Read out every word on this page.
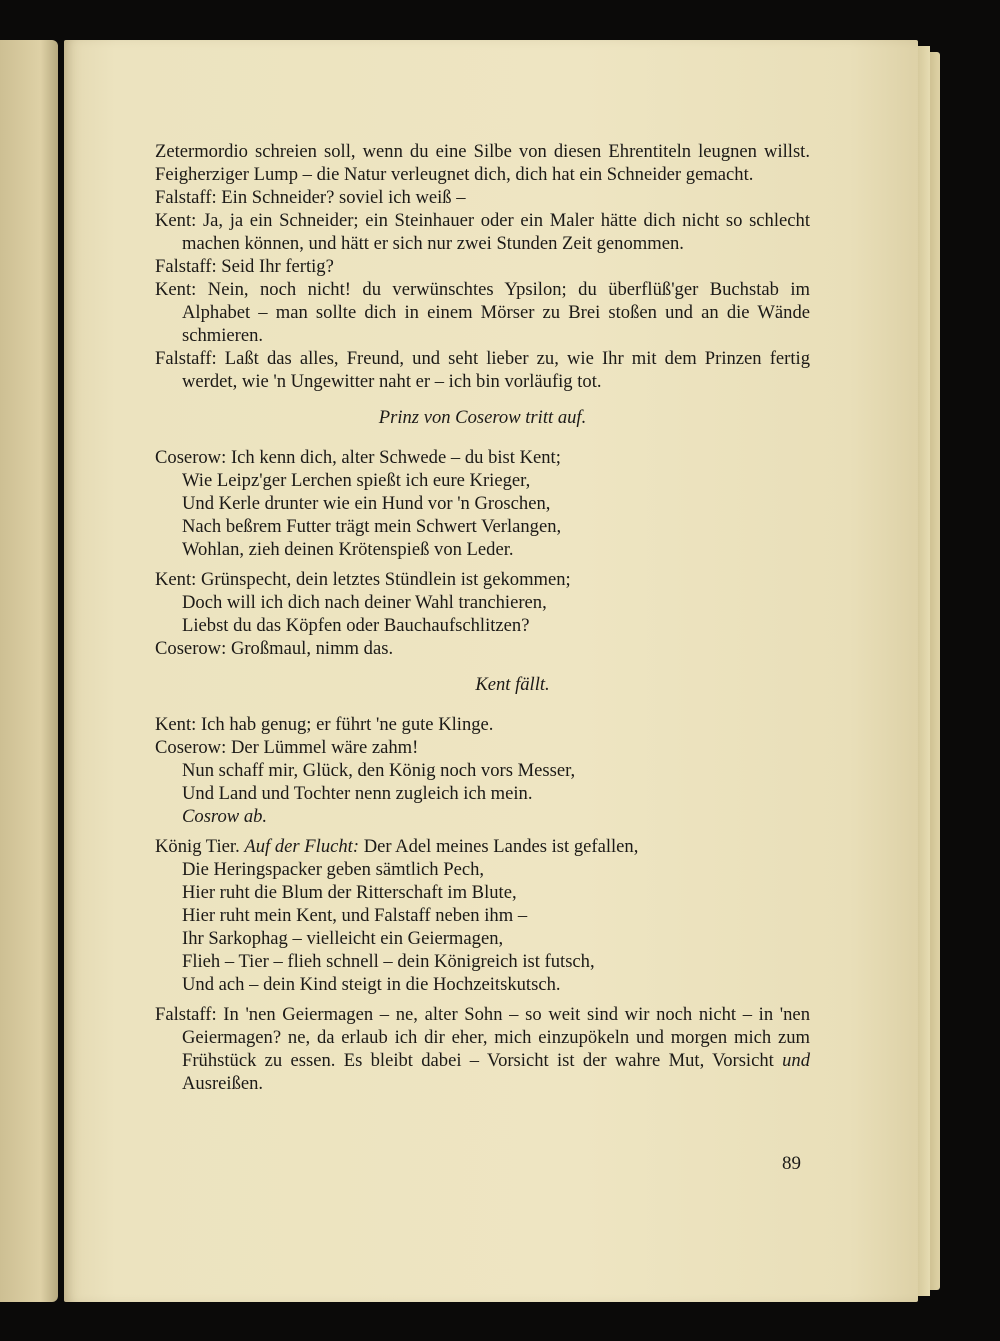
Zetermordio schreien soll, wenn du eine Silbe von diesen Ehrentiteln leugnen willst. Feigherziger Lump – die Natur verleugnet dich, dich hat ein Schneider gemacht.

Falstaff: Ein Schneider? soviel ich weiß –

Kent: Ja, ja ein Schneider; ein Steinhauer oder ein Maler hätte dich nicht so schlecht machen können, und hätt er sich nur zwei Stunden Zeit genommen.

Falstaff: Seid Ihr fertig?

Kent: Nein, noch nicht! du verwünschtes Ypsilon; du überflüß'ger Buchstab im Alphabet – man sollte dich in einem Mörser zu Brei stoßen und an die Wände schmieren.

Falstaff: Laßt das alles, Freund, und seht lieber zu, wie Ihr mit dem Prinzen fertig werdet, wie 'n Ungewitter naht er – ich bin vorläufig tot.

Prinz von Coserow tritt auf.

Coserow: Ich kenn dich, alter Schwede – du bist Kent;
Wie Leipz'ger Lerchen spießt ich eure Krieger,
Und Kerle drunter wie ein Hund vor 'n Groschen,
Nach beßrem Futter trägt mein Schwert Verlangen,
Wohlan, zieh deinen Krötenspieß von Leder.
Kent: Grünspecht, dein letztes Stündlein ist gekommen;
Doch will ich dich nach deiner Wahl tranchieren,
Liebst du das Köpfen oder Bauchaufschlitzen?
Coserow: Großmaul, nimm das.

Kent fällt.

Kent: Ich hab genug; er führt 'ne gute Klinge.
Coserow: Der Lümmel wäre zahm!
Nun schaff mir, Glück, den König noch vors Messer,
Und Land und Tochter nenn zugleich ich mein.
Cosrow ab.
König Tier. Auf der Flucht: Der Adel meines Landes ist gefallen,
Die Heringspacker geben sämtlich Pech,
Hier ruht die Blum der Ritterschaft im Blute,
Hier ruht mein Kent, und Falstaff neben ihm –
Ihr Sarkophag – vielleicht ein Geiermagen,
Flieh – Tier – flieh schnell – dein Königreich ist futsch,
Und ach – dein Kind steigt in die Hochzeitskutsch.

Falstaff: In 'nen Geiermagen – ne, alter Sohn – so weit sind wir noch nicht – in 'nen Geiermagen? ne, da erlaub ich dir eher, mich einzupökeln und morgen mich zum Frühstück zu essen. Es bleibt dabei – Vorsicht ist der wahre Mut, Vorsicht und Ausreißen.

89
